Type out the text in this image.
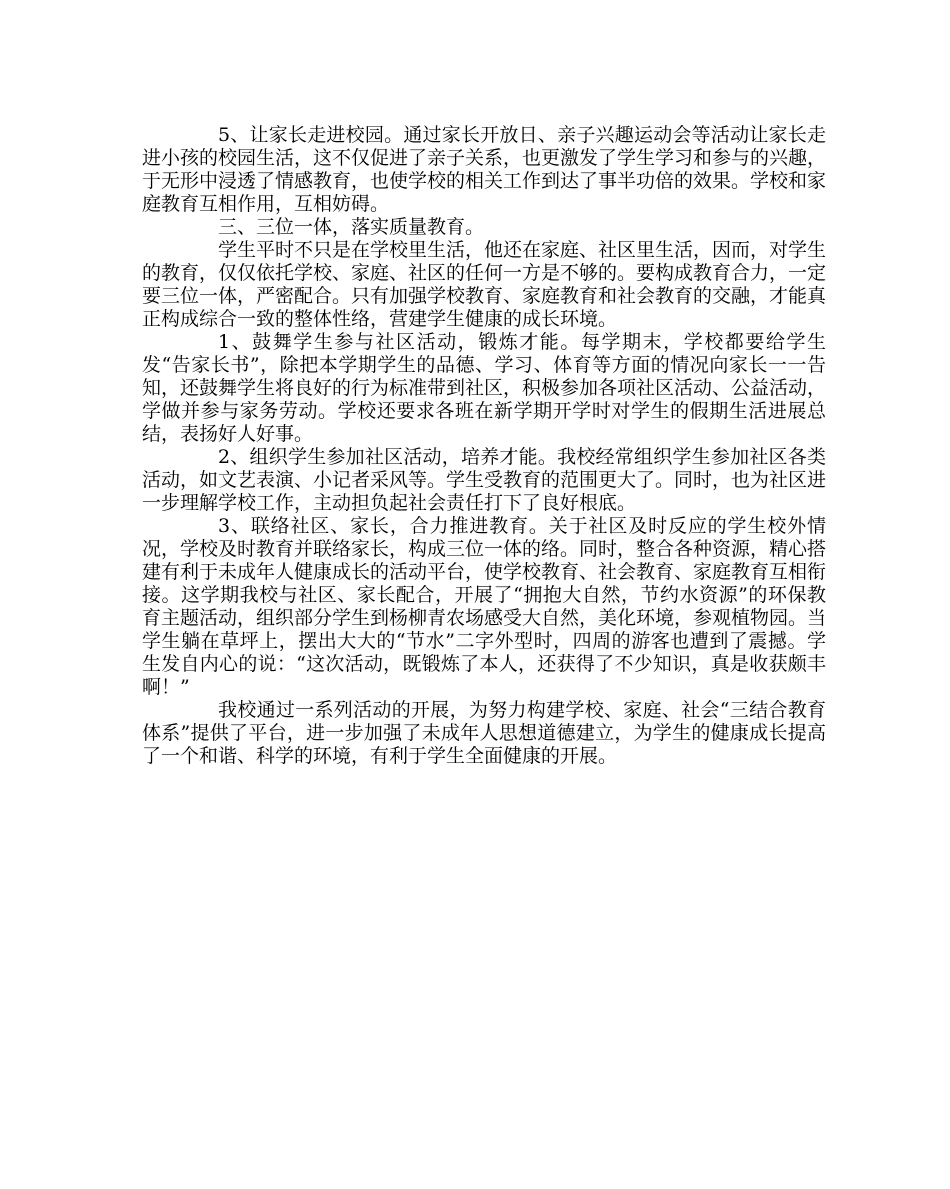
5、让家长走进校园。通过家长开放日、亲子兴趣运动会等活动让家长走进小孩的校园生活，这不仅促进了亲子关系，也更激发了学生学习和参与的兴趣，于无形中浸透了情感教育，也使学校的相关工作到达了事半功倍的效果。学校和家庭教育互相作用，互相妨碍。

三、三位一体，落实质量教育。

学生平时不只是在学校里生活，他还在家庭、社区里生活，因而，对学生的教育，仅仅依托学校、家庭、社区的任何一方是不够的。要构成教育合力，一定要三位一体，严密配合。只有加强学校教育、家庭教育和社会教育的交融，才能真正构成综合一致的整体性络，营建学生健康的成长环境。

1、鼓舞学生参与社区活动，锻炼才能。每学期末，学校都要给学生发“告家长书”，除把本学期学生的品德、学习、体育等方面的情况向家长一一告知，还鼓舞学生将良好的行为标准带到社区，积极参加各项社区活动、公益活动，学做并参与家务劳动。学校还要求各班在新学期开学时对学生的假期生活进展总结，表扬好人好事。

2、组织学生参加社区活动，培养才能。我校经常组织学生参加社区各类活动，如文艺表演、小记者采风等。学生受教育的范围更大了。同时，也为社区进一步理解学校工作，主动担负起社会责任打下了良好根底。

3、联络社区、家长，合力推进教育。关于社区及时反应的学生校外情况，学校及时教育并联络家长，构成三位一体的络。同时，整合各种资源，精心搭建有利于未成年人健康成长的活动平台，使学校教育、社会教育、家庭教育互相衔接。这学期我校与社区、家长配合，开展了“拥抱大自然，节约水资源”的环保教育主题活动，组织部分学生到杨柳青农场感受大自然，美化环境，参观植物园。当学生躺在草坪上，摆出大大的“节水”二字外型时，四周的游客也遭到了震撼。学生发自内心的说：“这次活动，既锻炼了本人，还获得了不少知识，真是收获颇丰啊！”

我校通过一系列活动的开展，为努力构建学校、家庭、社会“三结合教育体系”提供了平台，进一步加强了未成年人思想道德建立，为学生的健康成长提高了一个和谐、科学的环境，有利于学生全面健康的开展。
